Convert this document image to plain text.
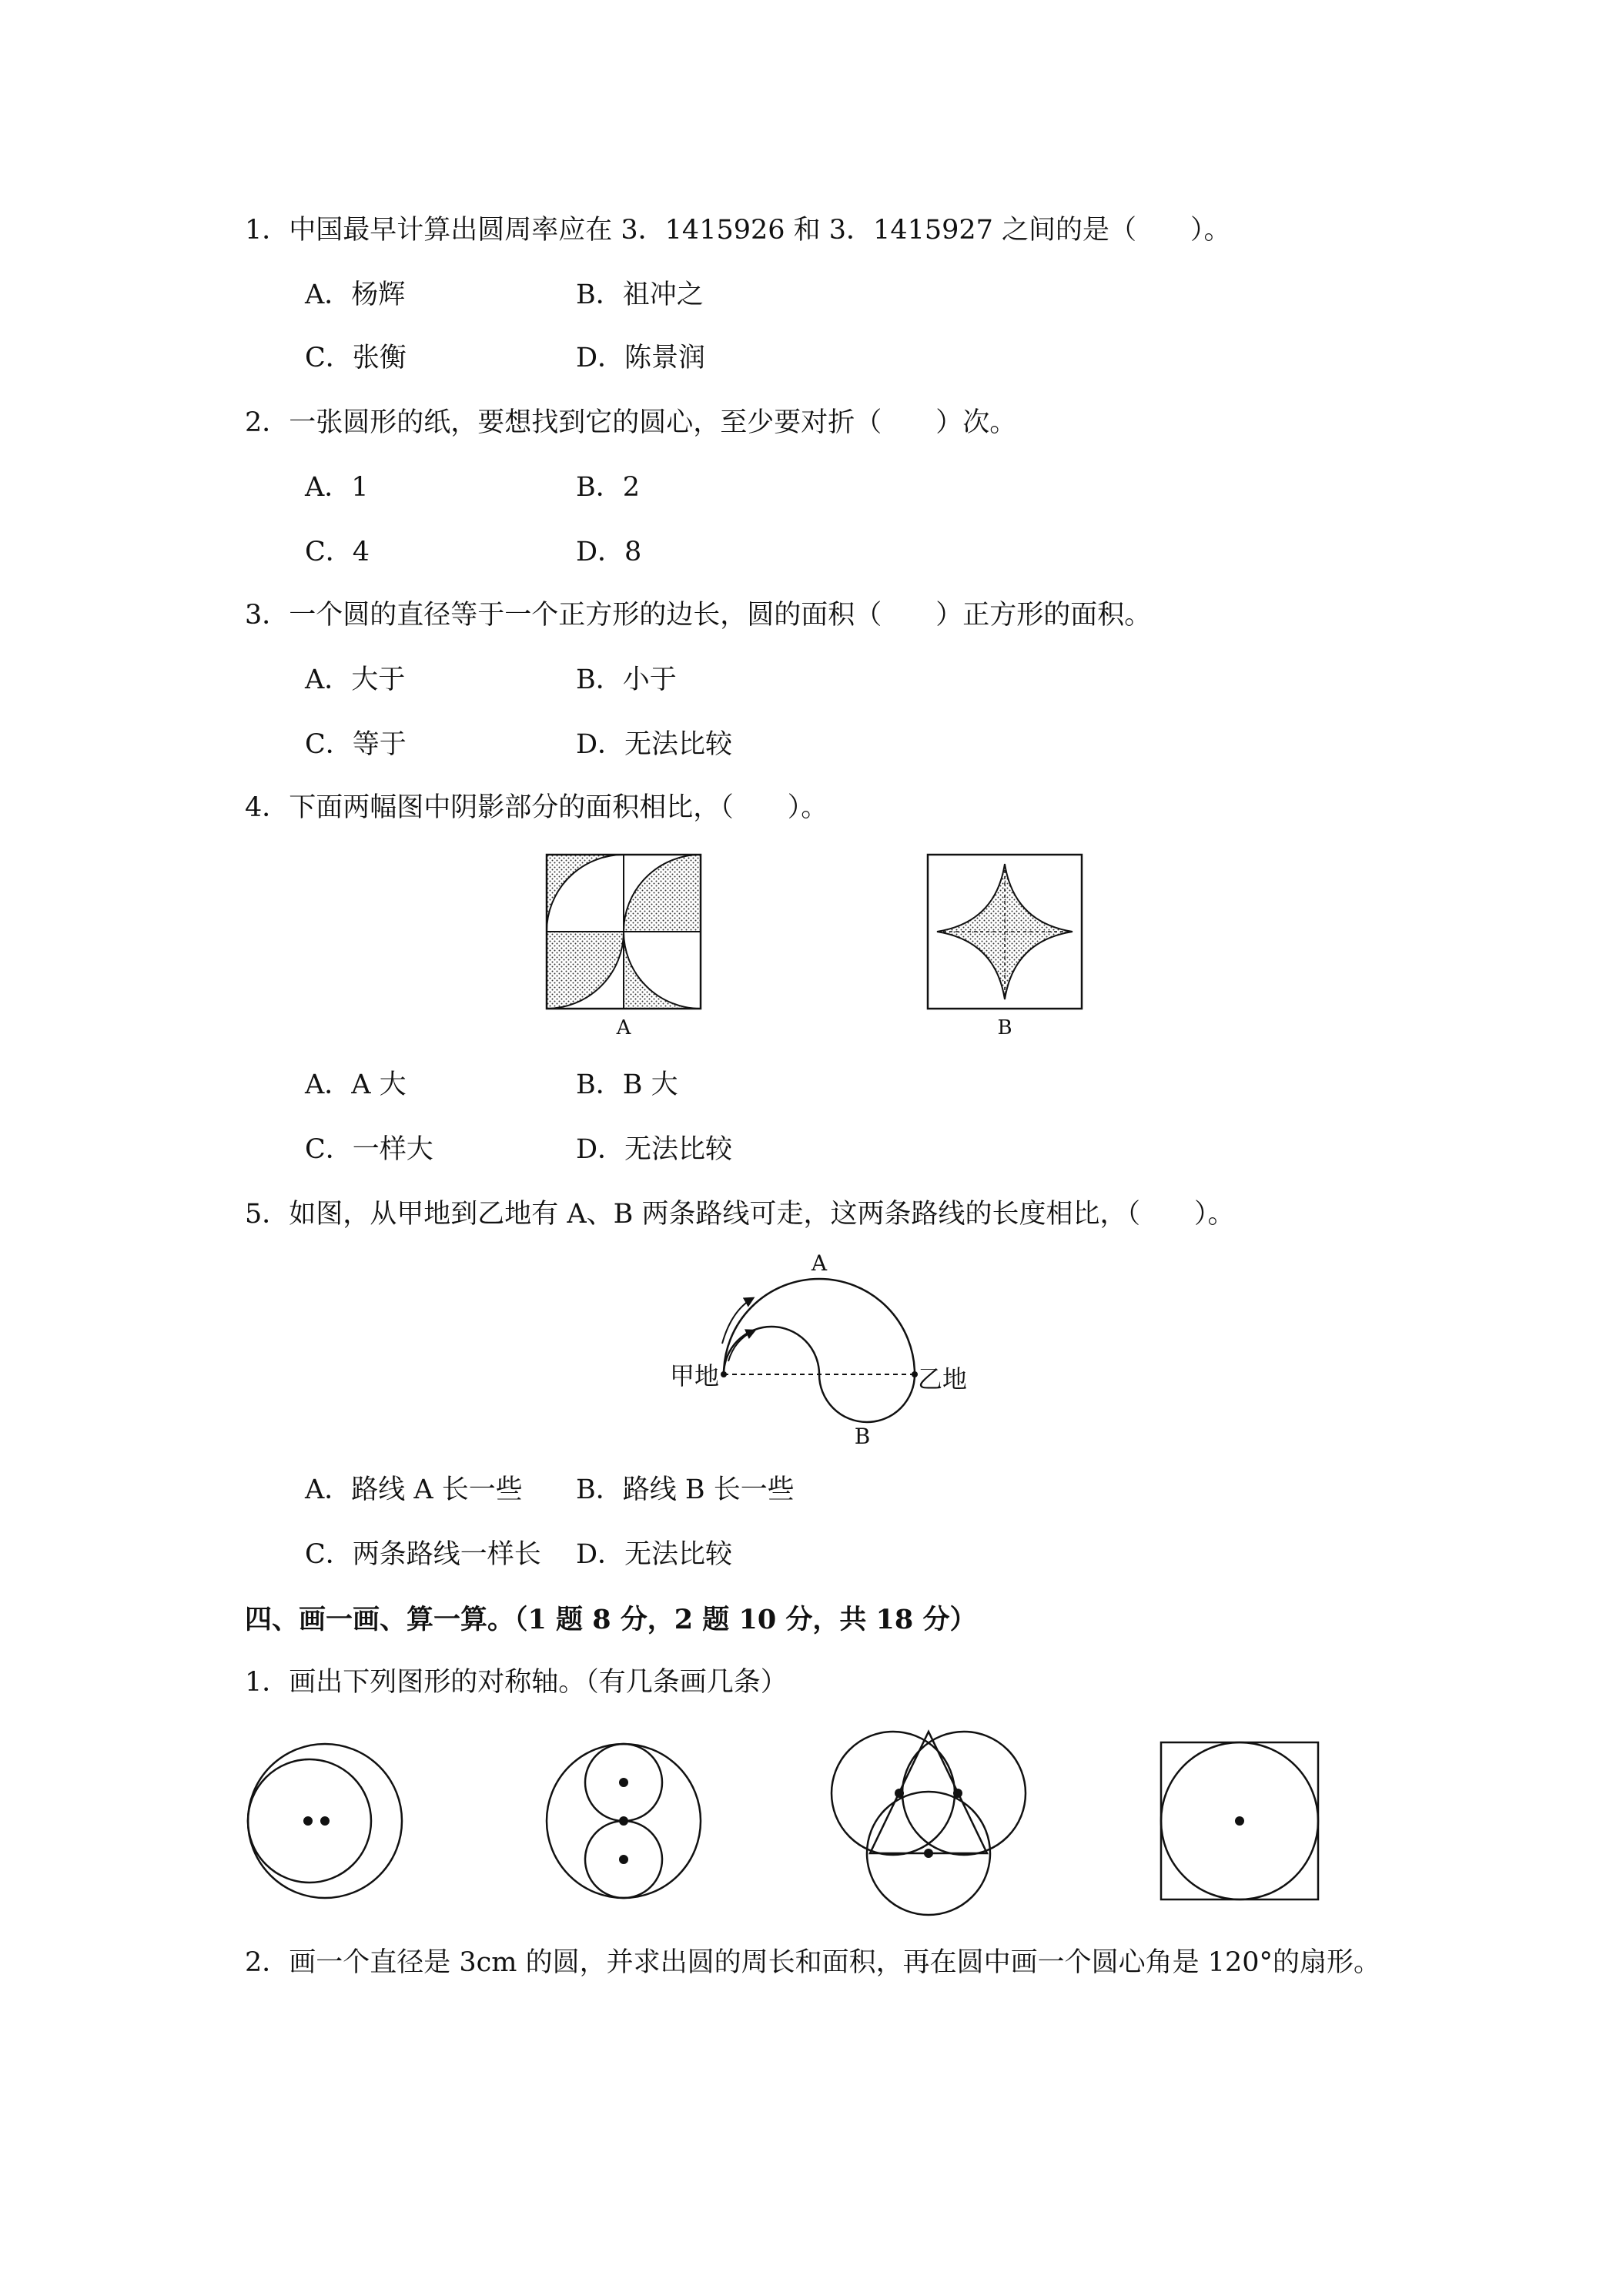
1．中国最早计算出圆周率应在 3．1415926 和 3．1415927 之间的是（　　）。
A．杨辉	B．祖冲之
C．张衡	D．陈景润
2．一张圆形的纸，要想找到它的圆心，至少要对折（　　）次。
A．1	B．2
C．4	D．8
3．一个圆的直径等于一个正方形的边长，圆的面积（　　）正方形的面积。
A．大于	B．小于
C．等于	D．无法比较
4．下面两幅图中阴影部分的面积相比，（　　）。
A	B
A．A 大	B．B 大
C．一样大	D．无法比较
5．如图，从甲地到乙地有 A、B 两条路线可走，这两条路线的长度相比，（　　）。
A
B
甲地	乙地
A．路线 A 长一些 B．路线 B 长一些
C．两条路线一样长 D．无法比较
四、画一画、算一算。（1 题 8 分，2 题 10 分，共 18 分）
1．画出下列图形的对称轴。（有几条画几条）
2．画一个直径是 3cm 的圆，并求出圆的周长和面积，再在圆中画一个圆心角是 120°的扇形。
